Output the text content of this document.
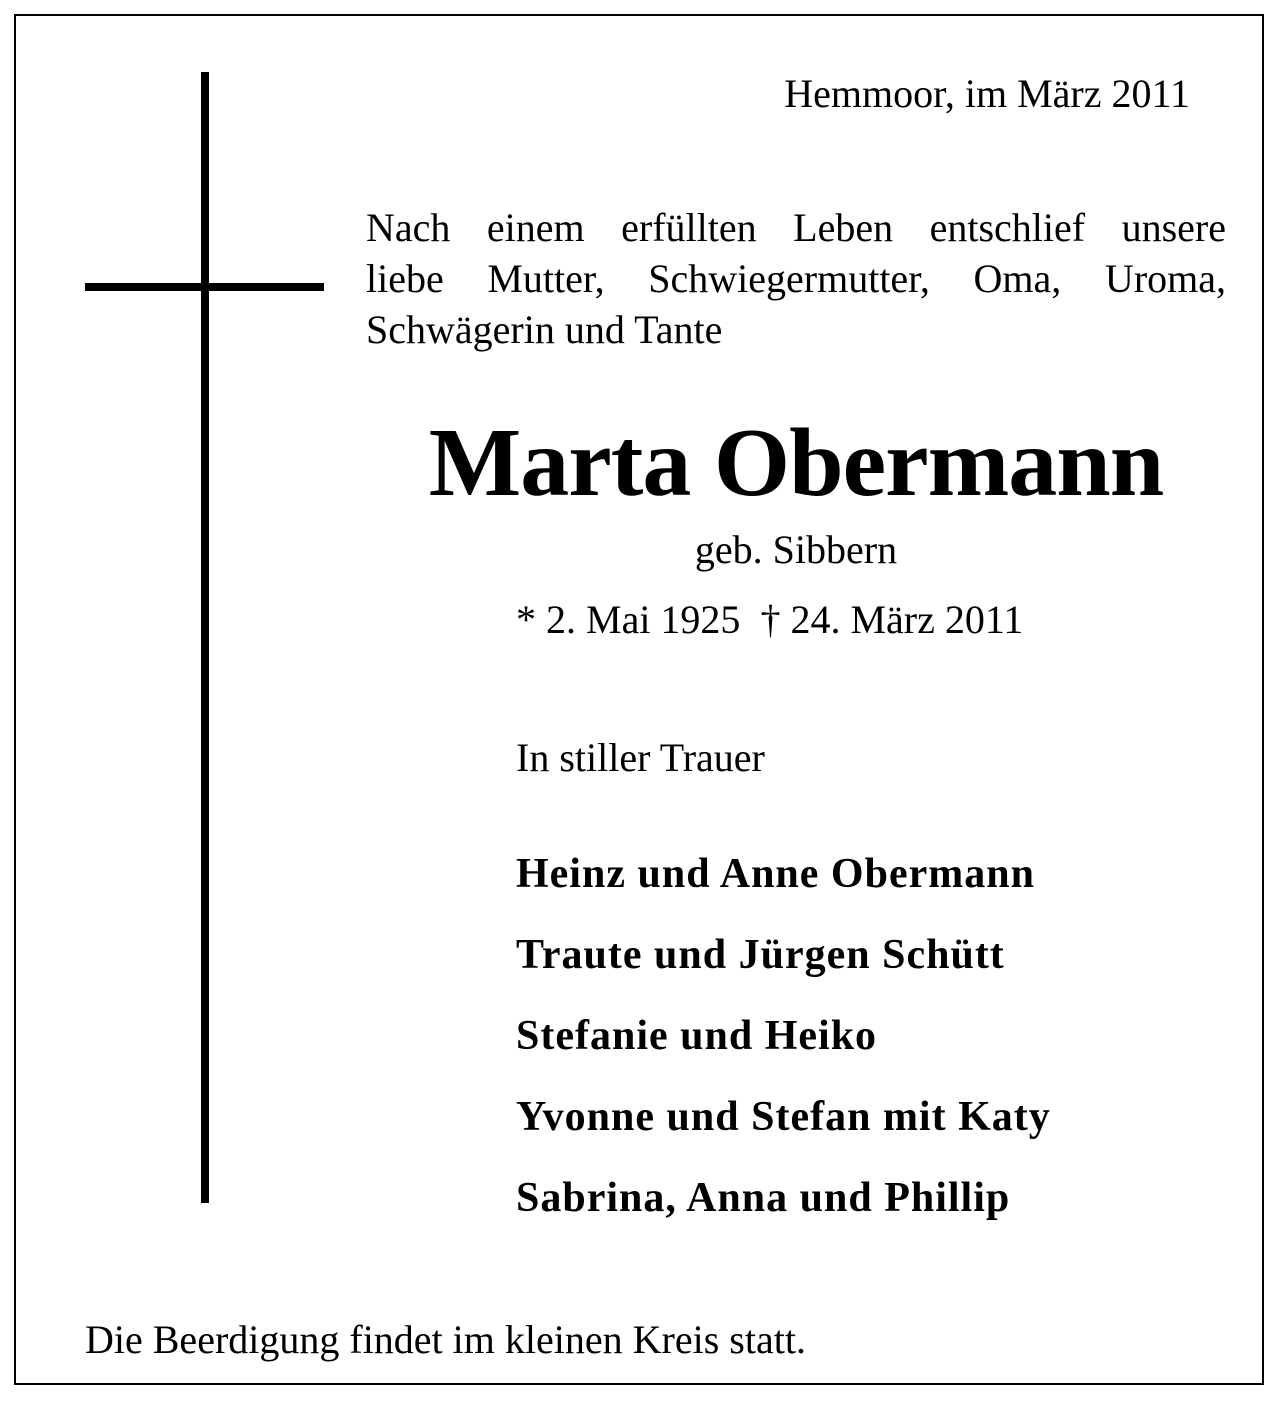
Hemmoor, im März 2011
Nach einem erfüllten Leben entschlief unsere
liebe Mutter, Schwiegermutter, Oma, Uroma,
Schwägerin und Tante
Marta Obermann
geb. Sibbern
* 2. Mai 1925 † 24. März 2011
In stiller Trauer
Heinz und Anne Obermann
Traute und Jürgen Schütt
Stefanie und Heiko
Yvonne und Stefan mit Katy
Sabrina, Anna und Phillip
Die Beerdigung findet im kleinen Kreis statt.
